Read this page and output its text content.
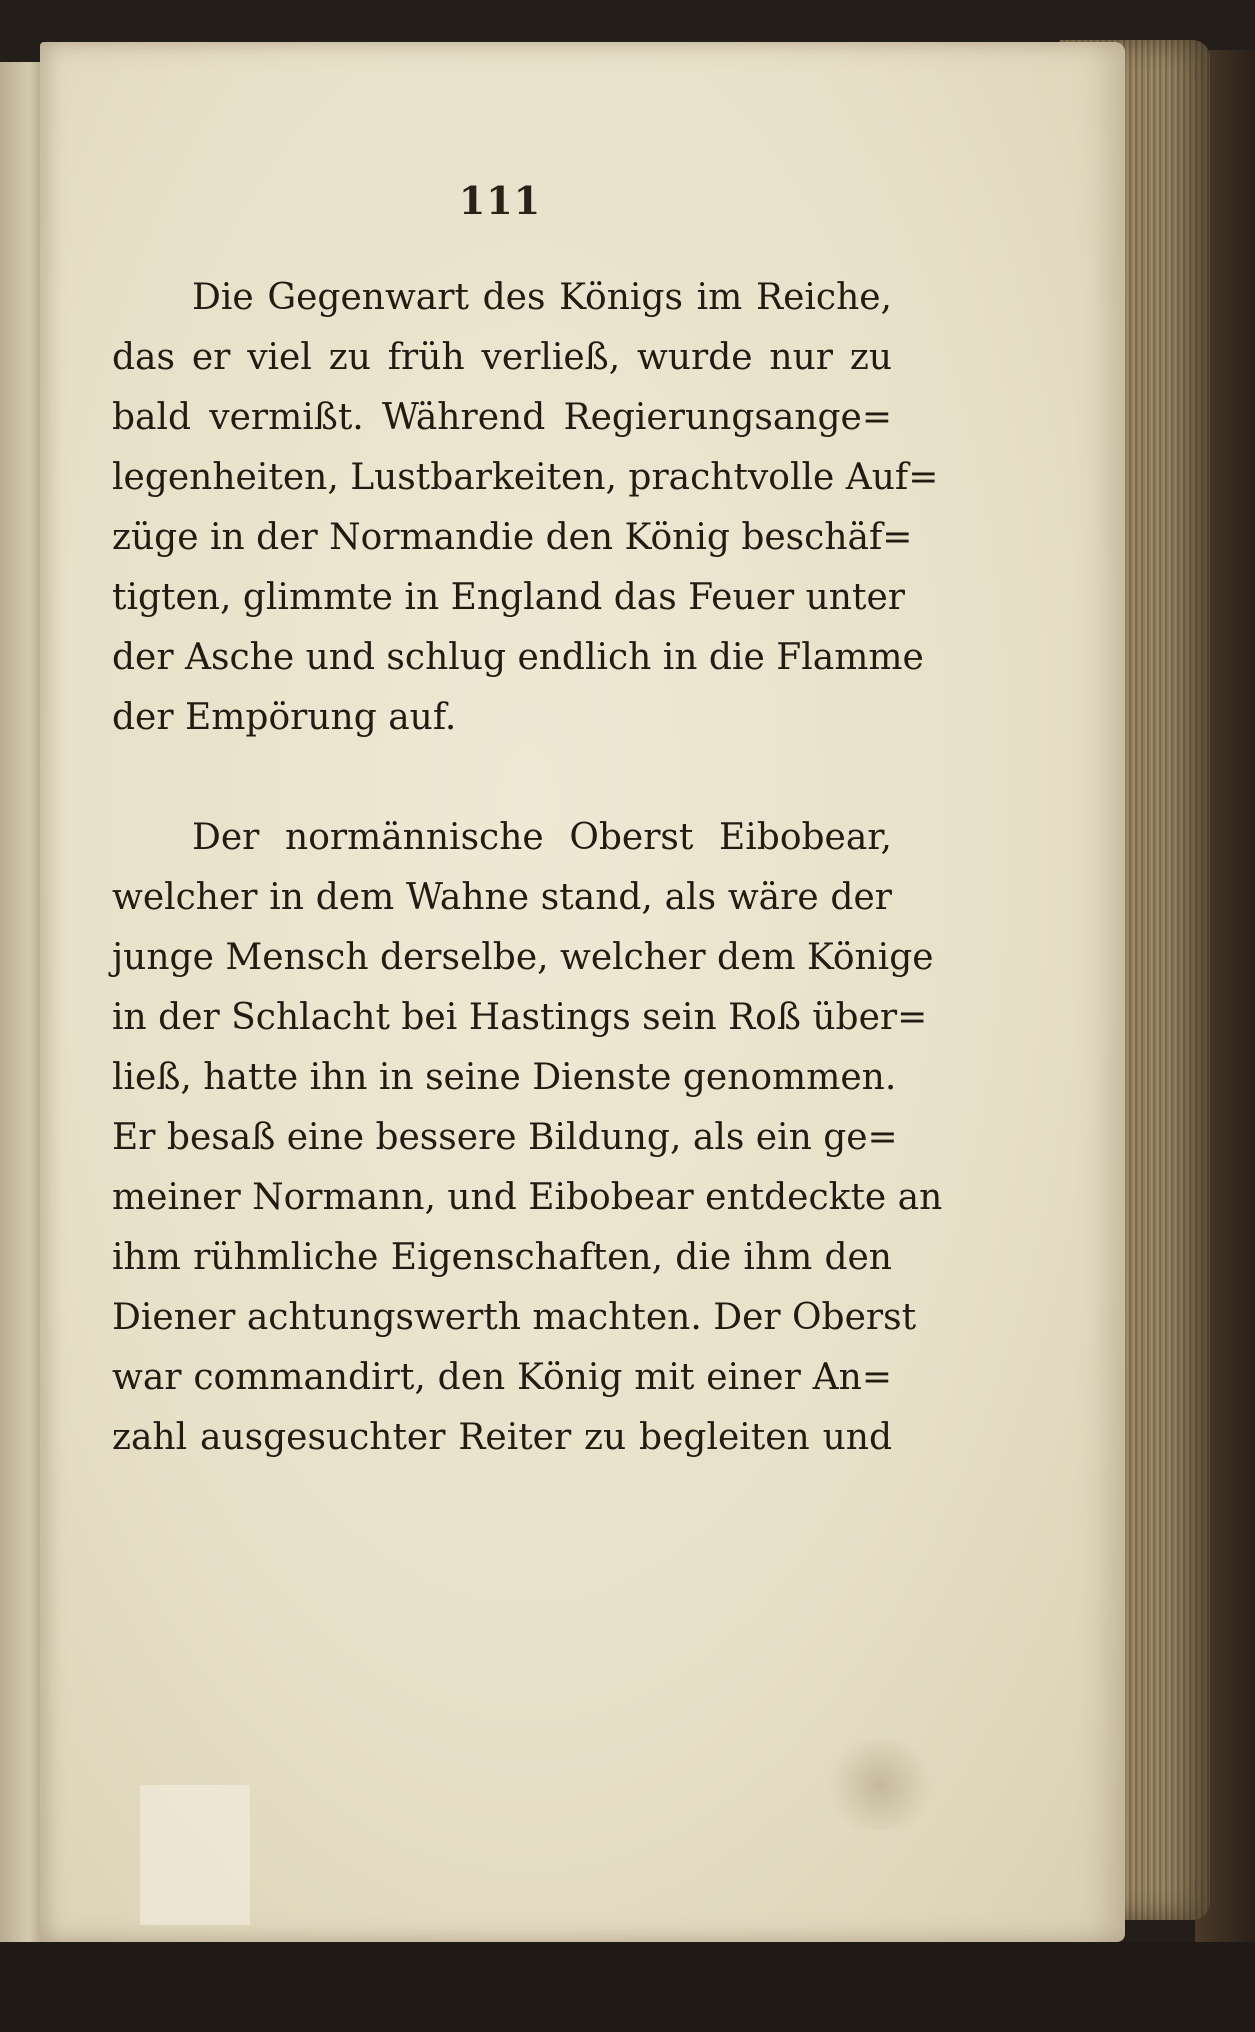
111

Die Gegenwart des Königs im Reiche,
das er viel zu früh verließ, wurde nur zu
bald vermißt. Während Regierungsange=
legenheiten, Lustbarkeiten, prachtvolle Auf=
züge in der Normandie den König beschäf=
tigten, glimmte in England das Feuer unter
der Asche und schlug endlich in die Flamme
der Empörung auf.

Der normännische Oberst Eibobear,
welcher in dem Wahne stand, als wäre der
junge Mensch derselbe, welcher dem Könige
in der Schlacht bei Hastings sein Roß über=
ließ, hatte ihn in seine Dienste genommen.
Er besaß eine bessere Bildung, als ein ge=
meiner Normann, und Eibobear entdeckte an
ihm rühmliche Eigenschaften, die ihm den
Diener achtungswerth machten. Der Oberst
war commandirt, den König mit einer An=
zahl ausgesuchter Reiter zu begleiten und
